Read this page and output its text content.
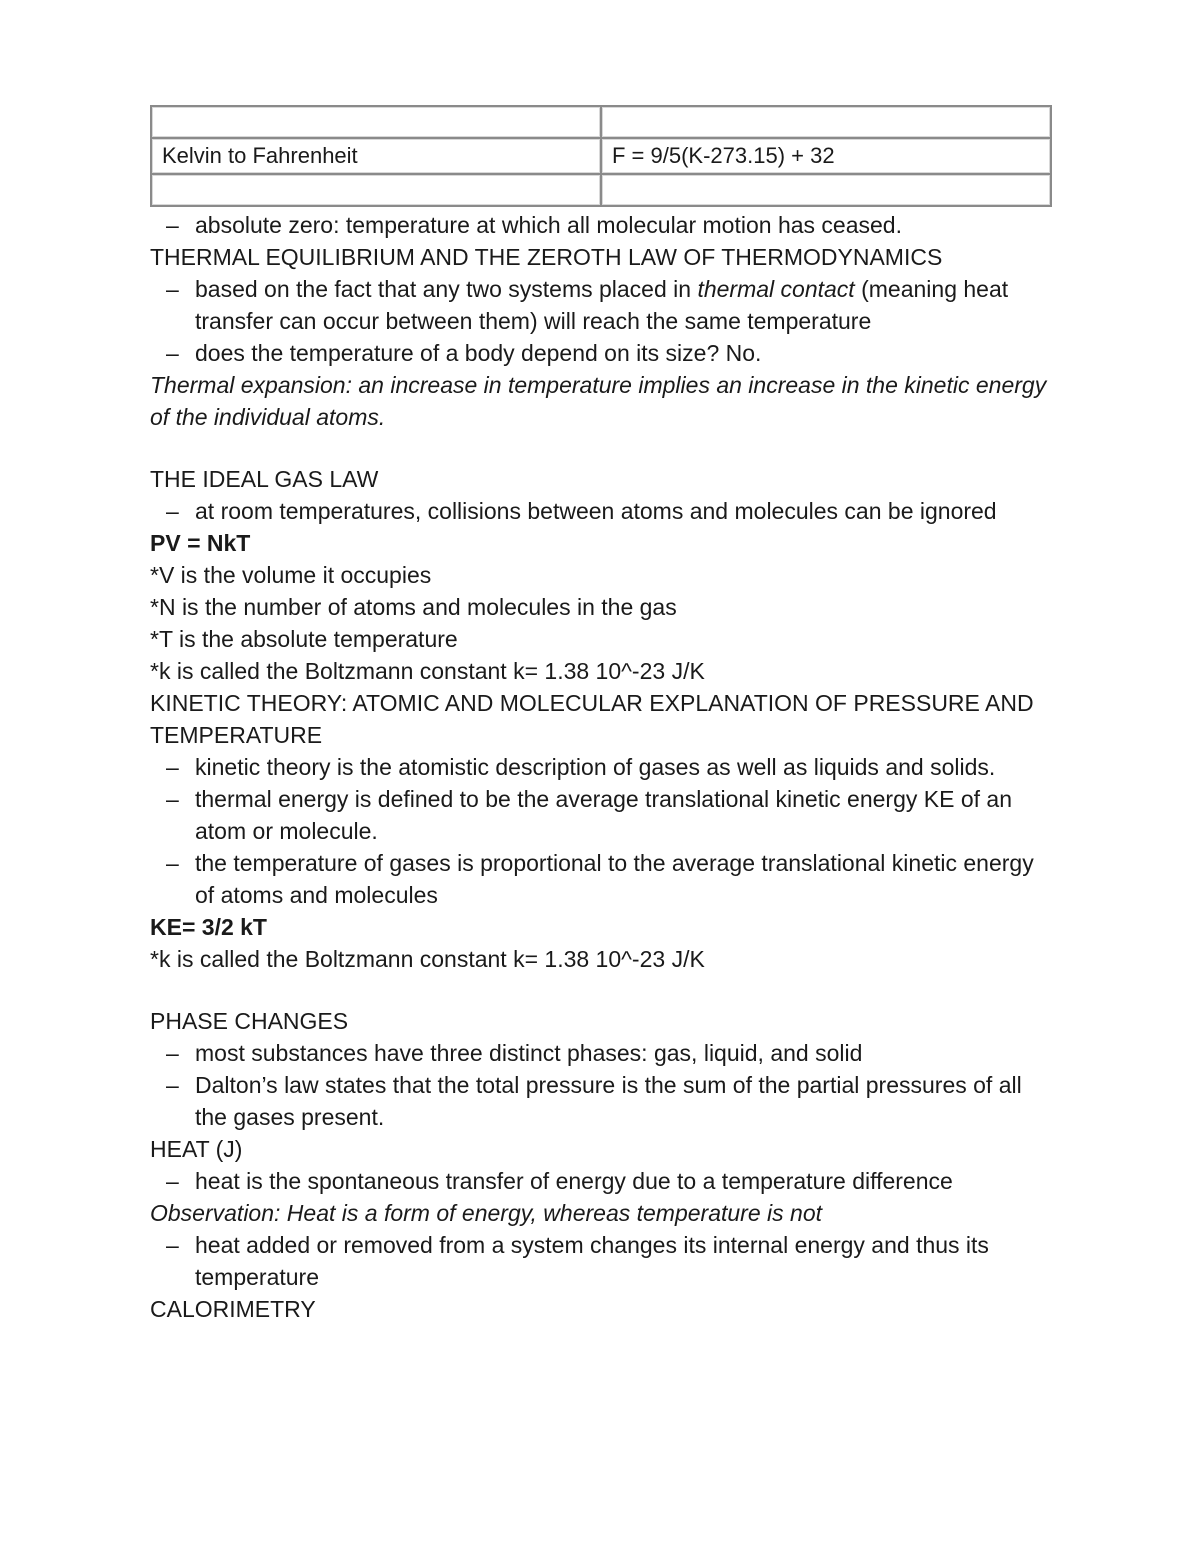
Kelvin to Fahrenheit	F = 9/5(K-273.15) + 32

– absolute zero: temperature at which all molecular motion has ceased.
THERMAL EQUILIBRIUM AND THE ZEROTH LAW OF THERMODYNAMICS
– based on the fact that any two systems placed in thermal contact (meaning heat transfer can occur between them) will reach the same temperature
– does the temperature of a body depend on its size? No.
Thermal expansion: an increase in temperature implies an increase in the kinetic energy of the individual atoms.
THE IDEAL GAS LAW
– at room temperatures, collisions between atoms and molecules can be ignored
PV = NkT
*V is the volume it occupies
*N is the number of atoms and molecules in the gas
*T is the absolute temperature
*k is called the Boltzmann constant k= 1.38 10^-23 J/K
KINETIC THEORY: ATOMIC AND MOLECULAR EXPLANATION OF PRESSURE AND TEMPERATURE
– kinetic theory is the atomistic description of gases as well as liquids and solids.
– thermal energy is defined to be the average translational kinetic energy KE of an atom or molecule.
– the temperature of gases is proportional to the average translational kinetic energy of atoms and molecules
KE= 3/2 kT
*k is called the Boltzmann constant k= 1.38 10^-23 J/K
PHASE CHANGES
– most substances have three distinct phases: gas, liquid, and solid
– Dalton’s law states that the total pressure is the sum of the partial pressures of all the gases present.
HEAT (J)
– heat is the spontaneous transfer of energy due to a temperature difference
Observation: Heat is a form of energy, whereas temperature is not
– heat added or removed from a system changes its internal energy and thus its temperature
CALORIMETRY
